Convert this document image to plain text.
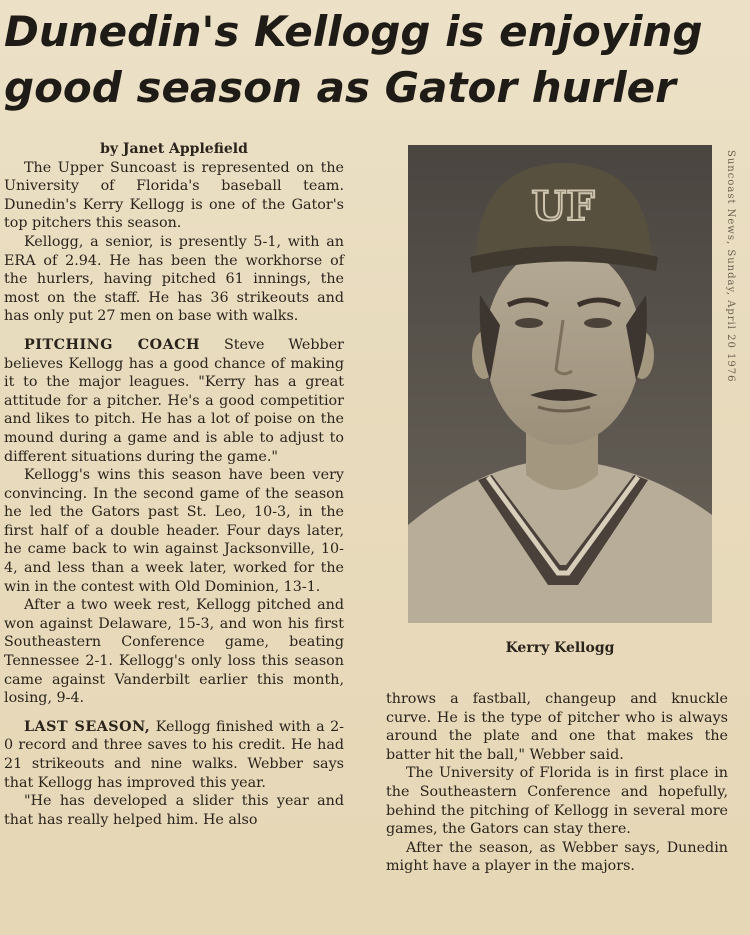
Dunedin's Kellogg is enjoying good season as Gator hurler

by Janet Applefield

The Upper Suncoast is represented on the University of Florida's baseball team. Dunedin's Kerry Kellogg is one of the Gator's top pitchers this season.

Kellogg, a senior, is presently 5-1, with an ERA of 2.94. He has been the workhorse of the hurlers, having pitched 61 innings, the most on the staff. He has 36 strikeouts and has only put 27 men on base with walks.

PITCHING COACH Steve Webber believes Kellogg has a good chance of making it to the major leagues. "Kerry has a great attitude for a pitcher. He's a good competitior and likes to pitch. He has a lot of poise on the mound during a game and is able to adjust to different situations during the game."

Kellogg's wins this season have been very convincing. In the second game of the season he led the Gators past St. Leo, 10-3, in the first half of a double header. Four days later, he came back to win against Jacksonville, 10-4, and less than a week later, worked for the win in the contest with Old Dominion, 13-1.

After a two week rest, Kellogg pitched and won against Delaware, 15-3, and won his first Southeastern Conference game, beating Tennessee 2-1. Kellogg's only loss this season came against Vanderbilt earlier this month, losing, 9-4.

LAST SEASON, Kellogg finished with a 2-0 record and three saves to his credit. He had 21 strikeouts and nine walks. Webber says that Kellogg has improved this year.

"He has developed a slider this year and that has really helped him. He also

UF
Kerry Kellogg
Suncoast News, Sunday, April 20 1976

throws a fastball, changeup and knuckle curve. He is the type of pitcher who is always around the plate and one that makes the batter hit the ball," Webber said.

The University of Florida is in first place in the Southeastern Conference and hopefully, behind the pitching of Kellogg in several more games, the Gators can stay there.

After the season, as Webber says, Dunedin might have a player in the majors.
